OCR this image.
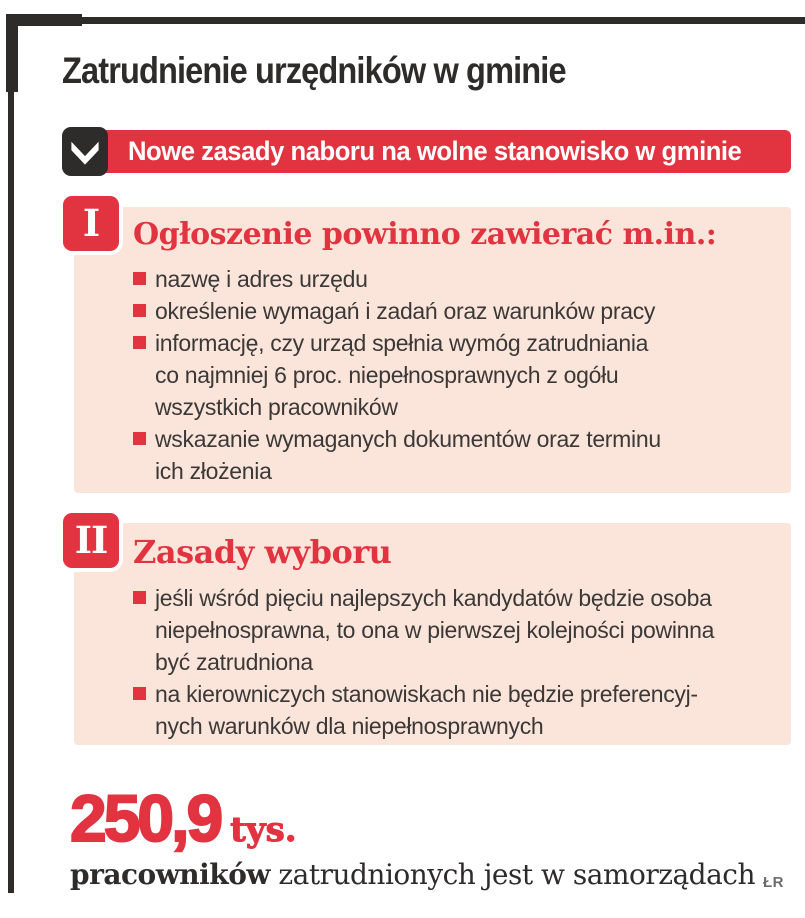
Zatrudnienie urzędników w gminie
Nowe zasady naboru na wolne stanowisko w gminie
Ogłoszenie powinno zawierać m.in.:
nazwę i adres urzędu
określenie wymagań i zadań oraz warunków pracy
informację, czy urząd spełnia wymóg zatrudniania
co najmniej 6 proc. niepełnosprawnych z ogółu
wszystkich pracowników
wskazanie wymaganych dokumentów oraz terminu
ich złożenia
I
Zasady wyboru
jeśli wśród pięciu najlepszych kandydatów będzie osoba
niepełnosprawna, to ona w pierwszej kolejności powinna
być zatrudniona
na kierowniczych stanowiskach nie będzie preferencyj-
nych warunków dla niepełnosprawnych
II
250,9 tys.

pracowników zatrudnionych jest w samorządach ŁR
